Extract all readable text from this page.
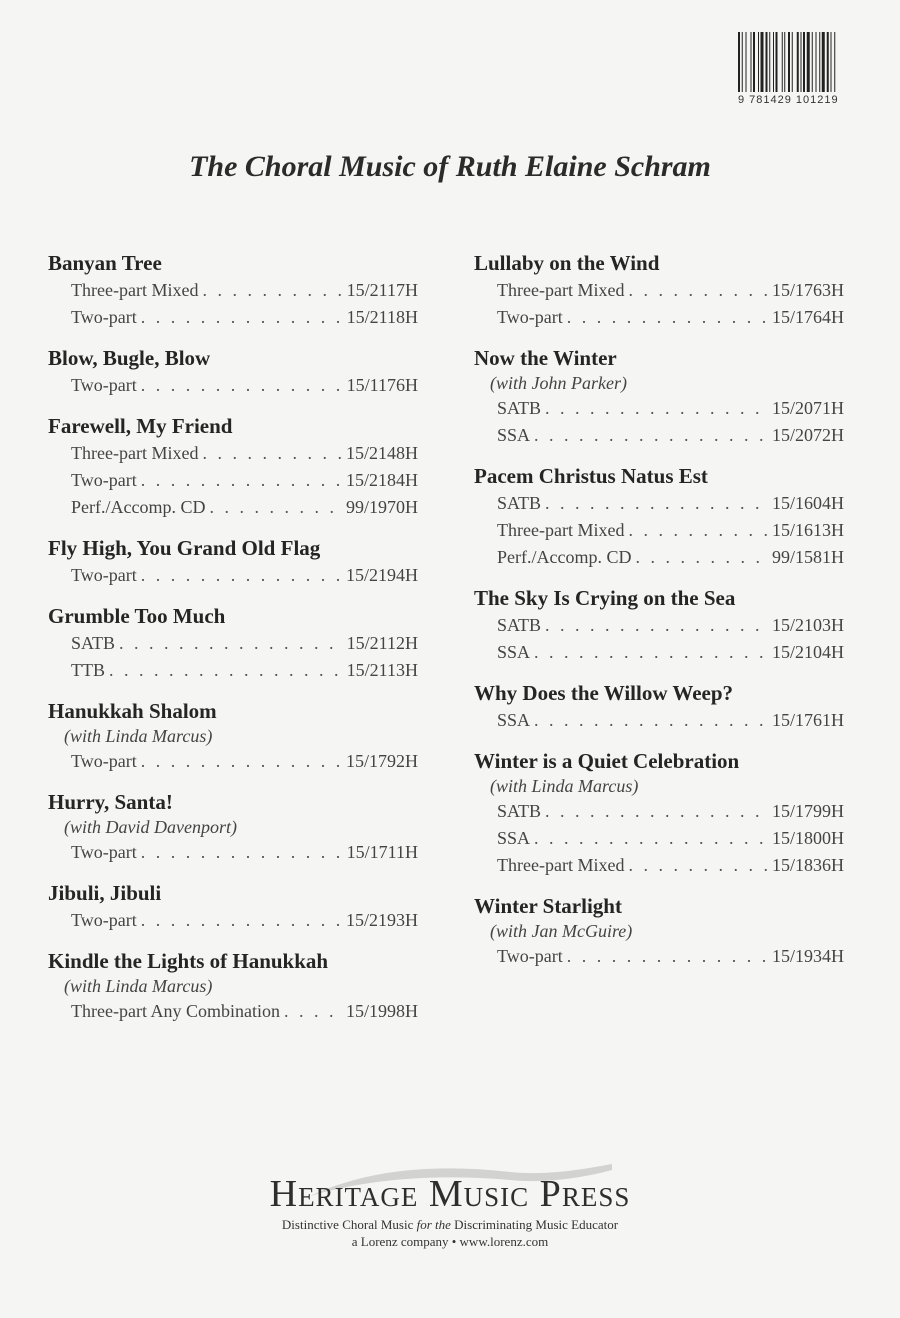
9 781429 101219
The Choral Music of Ruth Elaine Schram
Banyan Tree
Three-part Mixed . . .	15/2117H
Two-part . . .	15/2118H
Blow, Bugle, Blow
Two-part . . .	15/1176H
Farewell, My Friend
Three-part Mixed . . .	15/2148H
Two-part . . .	15/2184H
Perf./Accomp. CD . . .	99/1970H
Fly High, You Grand Old Flag
Two-part . . .	15/2194H
Grumble Too Much
SATB . . .	15/2112H
TTB . . .	15/2113H
Hanukkah Shalom
(with Linda Marcus)
Two-part . . .	15/1792H
Hurry, Santa!
(with David Davenport)
Two-part . . .	15/1711H
Jibuli, Jibuli
Two-part . . .	15/2193H
Kindle the Lights of Hanukkah
(with Linda Marcus)
Three-part Any Combination . . .	15/1998H
Lullaby on the Wind
Three-part Mixed . . .	15/1763H
Two-part . . .	15/1764H
Now the Winter
(with John Parker)
SATB . . .	15/2071H
SSA . . .	15/2072H
Pacem Christus Natus Est
SATB . . .	15/1604H
Three-part Mixed . . .	15/1613H
Perf./Accomp. CD . . .	99/1581H
The Sky Is Crying on the Sea
SATB . . .	15/2103H
SSA . . .	15/2104H
Why Does the Willow Weep?
SSA . . .	15/1761H
Winter is a Quiet Celebration
(with Linda Marcus)
SATB . . .	15/1799H
SSA . . .	15/1800H
Three-part Mixed . . .	15/1836H
Winter Starlight
(with Jan McGuire)
Two-part . . .	15/1934H
Heritage Music Press
Distinctive Choral Music for the Discriminating Music Educator
a Lorenz company • www.lorenz.com
